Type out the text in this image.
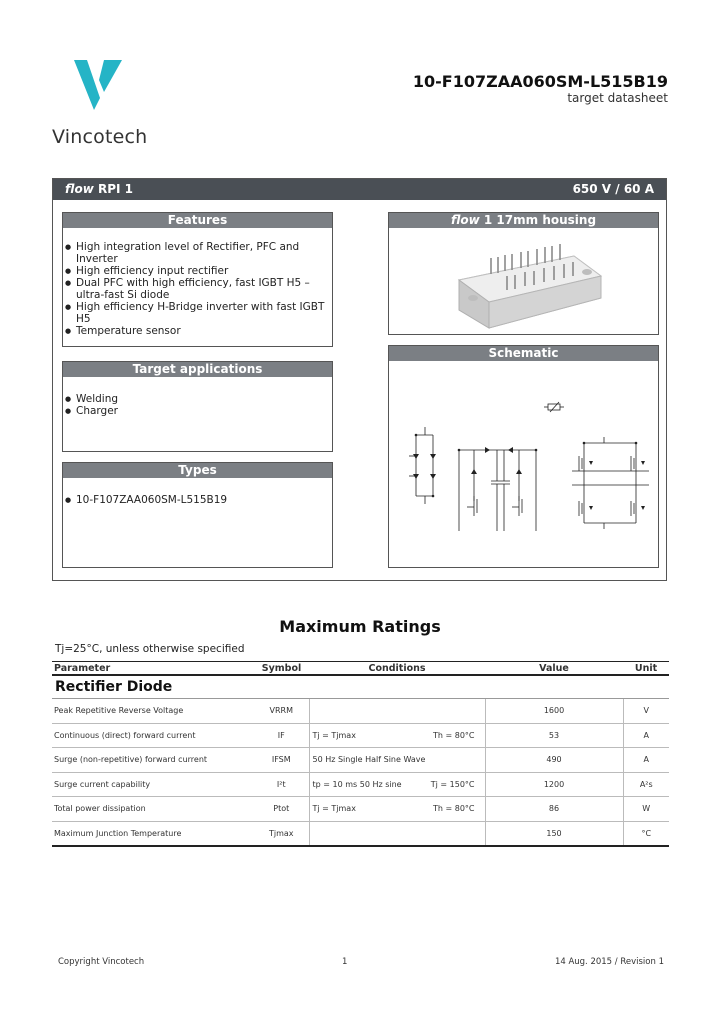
Vincotech
10-F107ZAA060SM-L515B19
target datasheet
flow RPI 1	650 V / 60 A
Features
● High integration level of Rectifier, PFC and Inverter
● High efficiency input rectifier
● Dual PFC with high efficiency, fast IGBT H5 –
ultra-fast Si diode
● High efficiency H-Bridge inverter with fast IGBT H5
● Temperature sensor
flow 1 17mm housing
Target applications
● Welding
● Charger
Types
● 10-F107ZAA060SM-L515B19
Schematic
Maximum Ratings
Tj=25°C, unless otherwise specified
Parameter	Symbol	Conditions	Value	Unit
Rectifier Diode				
Peak Repetitive Reverse Voltage	VRRM		1600	V
Continuous (direct) forward current	IF	Tj = Tjmax Th = 80°C	53	A
Surge (non-repetitive) forward current	IFSM	50 Hz Single Half Sine Wave	490	A
Surge current capability	I²t	tp = 10 ms 50 Hz sine Tj = 150°C	1200	A²s
Total power dissipation	Ptot	Tj = Tjmax Th = 80°C	86	W
Maximum Junction Temperature	Tjmax		150	°C
Copyright Vincotech	1	14 Aug. 2015 / Revision 1
